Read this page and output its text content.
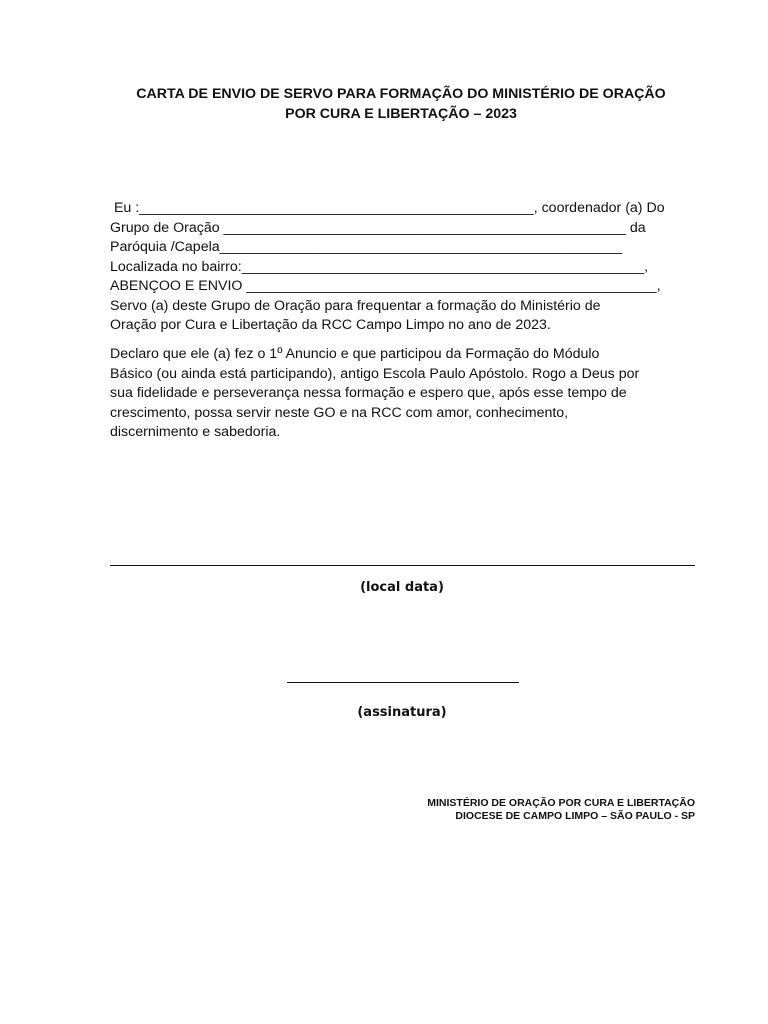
CARTA DE ENVIO DE SERVO PARA FORMAÇÃO DO MINISTÉRIO DE ORAÇÃO
POR CURA E LIBERTAÇÃO – 2023
Eu :__________________________________________________, coordenador (a) Do
Grupo de Oração ___________________________________________________ da
Paróquia /Capela___________________________________________________
Localizada no bairro:___________________________________________________,
ABENÇOO E ENVIO ____________________________________________________,
Servo (a) deste Grupo de Oração para frequentar a formação do Ministério de
Oração por Cura e Libertação da RCC Campo Limpo no ano de 2023.
Declaro que ele (a) fez o 1º Anuncio e que participou da Formação do Módulo
Básico (ou ainda está participando), antigo Escola Paulo Apóstolo. Rogo a Deus por
sua fidelidade e perseverança nessa formação e espero que, após esse tempo de
crescimento, possa servir neste GO e na RCC com amor, conhecimento,
discernimento e sabedoria.
(local data)
(assinatura)
MINISTÉRIO DE ORAÇÃO POR CURA E LIBERTAÇÃO
DIOCESE DE CAMPO LIMPO – SÃO PAULO - SP
